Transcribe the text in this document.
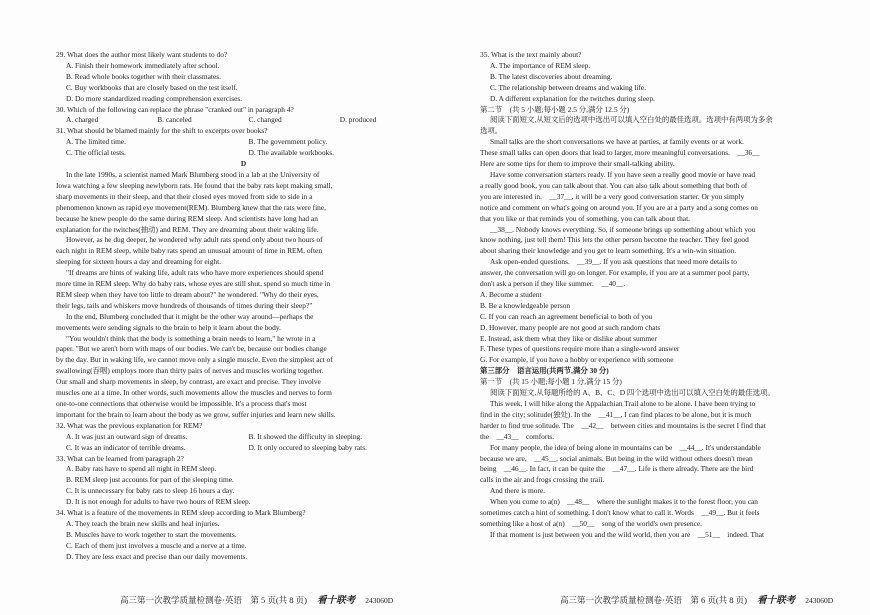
29. What does the author most likely want students to do?
A. Finish their homework immediately after school.
B. Read whole books together with their classmates.
C. Buy workbooks that are closely based on the test itself.
D. Do more standardized reading comprehension exercises.
30. Which of the following can replace the phrase "cranked out" in paragraph 4?
A. charged	B. canceled	C. changed	D. produced
31. What should be blamed mainly for the shift to excerpts over books?
A. The limited time.	B. The government policy.
C. The official tests.	D. The available workbooks.
D
In the late 1990s, a scientist named Mark Blumberg stood in a lab at the University of
Iowa watching a few sleeping newlyborn rats. He found that the baby rats kept making small,
sharp movements in their sleep, and that their closed eyes moved from side to side in a
phenomenon known as rapid eye movement(REM). Blumberg knew that the rats were fine,
because he knew people do the same during REM sleep. And scientists have long had an
explanation for the twitches(抽动) and REM. They are dreaming about their waking life.
However, as he dug deeper, he wondered why adult rats spend only about two hours of
each night in REM sleep, while baby rats spend an unusual amount of time in REM, often
sleeping for sixteen hours a day and dreaming for eight.
"If dreams are hints of waking life, adult rats who have more experiences should spend
more time in REM sleep. Why do baby rats, whose eyes are still shut, spend so much time in
REM sleep when they have too little to dream about?" he wondered. "Why do their eyes,
their legs, tails and whiskers move hundreds of thousands of times during their sleep?"
In the end, Blumberg concluded that it might be the other way around—perhaps the
movements were sending signals to the brain to help it learn about the body.
"You wouldn't think that the body is something a brain needs to learn," he wrote in a
paper. "But we aren't born with maps of our bodies. We can't be, because our bodies change
by the day. But in waking life, we cannot move only a single muscle. Even the simplest act of
swallowing(吞咽) employs more than thirty pairs of nerves and muscles working together.
Our small and sharp movements in sleep, by contrast, are exact and precise. They involve
muscles one at a time. In other words, such movements allow the muscles and nerves to form
one-to-one connections that otherwise would be impossible. It's a process that's most
important for the brain to learn about the body as we grow, suffer injuries and learn new skills.
32. What was the previous explanation for REM?
A. It was just an outward sign of dreams.	B. It showed the difficulty in sleeping.
C. It was an indicator of terrible dreams.	D. It only occured to sleeping baby rats.
33. What can be learned from paragraph 2?
A. Baby rats have to spend all night in REM sleep.
B. REM sleep just accounts for part of the sleeping time.
C. It is unnecessary for baby rats to sleep 16 hours a day.
D. It is not enough for adults to have two hours of REM sleep.
34. What is a feature of the movements in REM sleep according to Mark Blumberg?
A. They teach the brain new skills and heal injuries.
B. Muscles have to work together to start the movements.
C. Each of them just involves a muscle and a nerve at a time.
D. They are less exact and precise than our daily movements.
35. What is the text mainly about?
A. The importance of REM sleep.
B. The latest discoveries about dreaming.
C. The relationship between dreams and waking life.
D. A different explanation for the twitches during sleep.
第二节　(共 5 小题;每小题 2.5 分,满分 12.5 分)
阅读下面短文,从短文后的选项中选出可以填入空白处的最佳选项。选项中有两项为多余
选项。
Small talks are the short conversations we have at parties, at family events or at work.
These small talks can open doors that lead to larger, more meaningful conversations.　__36__
Here are some tips for them to improve their small-talking ability.
Have some conversation starters ready. If you have seen a really good movie or have read
a really good book, you can talk about that. You can also talk about something that both of
you are interested in.　__37__, it will be a very good conversation starter. Or you simply
notice and comment on what's going on around you. If you are at a party and a song comes on
that you like or that reminds you of something, you can talk about that.
__38__. Nobody knows everything. So, if someone brings up something about which you
know nothing, just tell them! This lets the other person become the teacher. They feel good
about sharing their knowledge and you get to learn something. It's a win-win situation.
Ask open-ended questions.　__39__. If you ask questions that need more details to
answer, the conversation will go on longer. For example, if you are at a summer pool party,
don't ask a person if they like summer.　__40__.
A. Become a student
B. Be a knowledgeable person
C. If you can reach an agreement beneficial to both of you
D. However, many people are not good at such random chats
E. Instead, ask them what they like or dislike about summer
F. These types of questions require more than a single-word answer
G. For example, if you have a hobby or experience with someone
第三部分　语言运用(共两节,满分 30 分)
第一节　(共 15 小题;每小题 1 分,满分 15 分)
阅读下面短文,从每题所给的 A、B、C、D 四个选项中选出可以填入空白处的最佳选项。
This week, I will hike along the Appalachian Trail alone to be alone. I have been trying to
find in the city; solitude(独处). In the　__41__, I can find places to be alone, but it is much
harder to find true solitude. The　__42__　between cities and mountains is the secret I find that
the　__43__　comforts.
For many people, the idea of being alone in mountains can be　__44__. It's understandable
because we are,　__45__, social animals. But being in the wild without others doesn't mean
being　__46__. In fact, it can be quite the　__47__. Life is there already. There are the bird
calls in the air and frogs crossing the trail.
And there is more.
When you come to a(n)　__48__　where the sunlight makes it to the forest floor, you can
sometimes catch a hint of something. I don't know what to call it. Words　__49__. But it feels
something like a host of a(n)　__50__　song of the world's own presence.
If that moment is just between you and the wild world, then you are　__51__　indeed. That
高三第一次教学质量检测卷·英语　第 5 页(共 8 页) 看十联考 243060D	高三第一次教学质量检测卷·英语　第 6 页(共 8 页) 看十联考 243060D
